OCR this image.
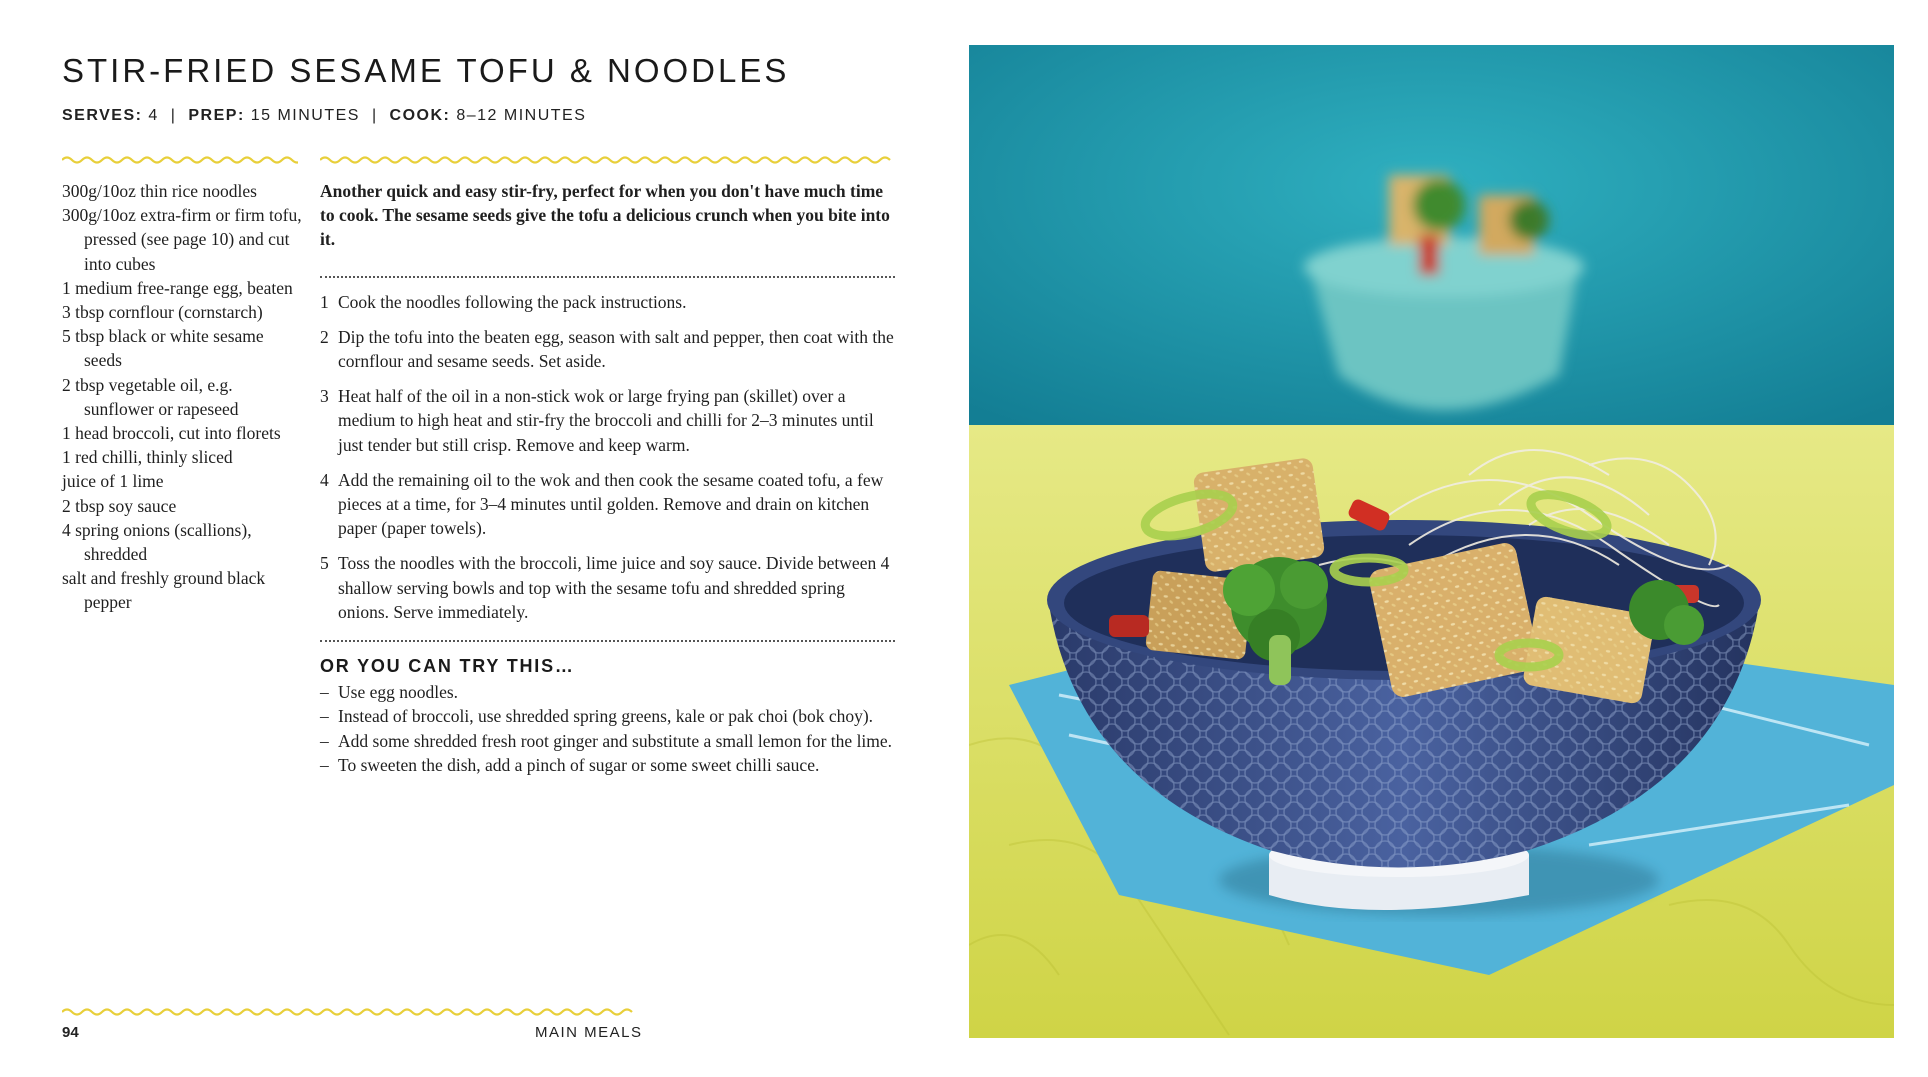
STIR-FRIED SESAME TOFU & NOODLES
SERVES: 4 | PREP: 15 MINUTES | COOK: 8–12 MINUTES
300g/10oz thin rice noodles
300g/10oz extra-firm or firm tofu, pressed (see page 10) and cut into cubes
1 medium free-range egg, beaten
3 tbsp cornflour (cornstarch)
5 tbsp black or white sesame seeds
2 tbsp vegetable oil, e.g. sunflower or rapeseed
1 head broccoli, cut into florets
1 red chilli, thinly sliced
juice of 1 lime
2 tbsp soy sauce
4 spring onions (scallions), shredded
salt and freshly ground black pepper

Another quick and easy stir-fry, perfect for when you don't have much time to cook. The sesame seeds give the tofu a delicious crunch when you bite into it.

1 Cook the noodles following the pack instructions.
2 Dip the tofu into the beaten egg, season with salt and pepper, then coat with the cornflour and sesame seeds. Set aside.
3 Heat half of the oil in a non-stick wok or large frying pan (skillet) over a medium to high heat and stir-fry the broccoli and chilli for 2–3 minutes until just tender but still crisp. Remove and keep warm.
4 Add the remaining oil to the wok and then cook the sesame coated tofu, a few pieces at a time, for 3–4 minutes until golden. Remove and drain on kitchen paper (paper towels).
5 Toss the noodles with the broccoli, lime juice and soy sauce. Divide between 4 shallow serving bowls and top with the sesame tofu and shredded spring onions. Serve immediately.
OR YOU CAN TRY THIS…
– Use egg noodles.
– Instead of broccoli, use shredded spring greens, kale or pak choi (bok choy).
– Add some shredded fresh root ginger and substitute a small lemon for the lime.
– To sweeten the dish, add a pinch of sugar or some sweet chilli sauce.
94	MAIN MEALS
